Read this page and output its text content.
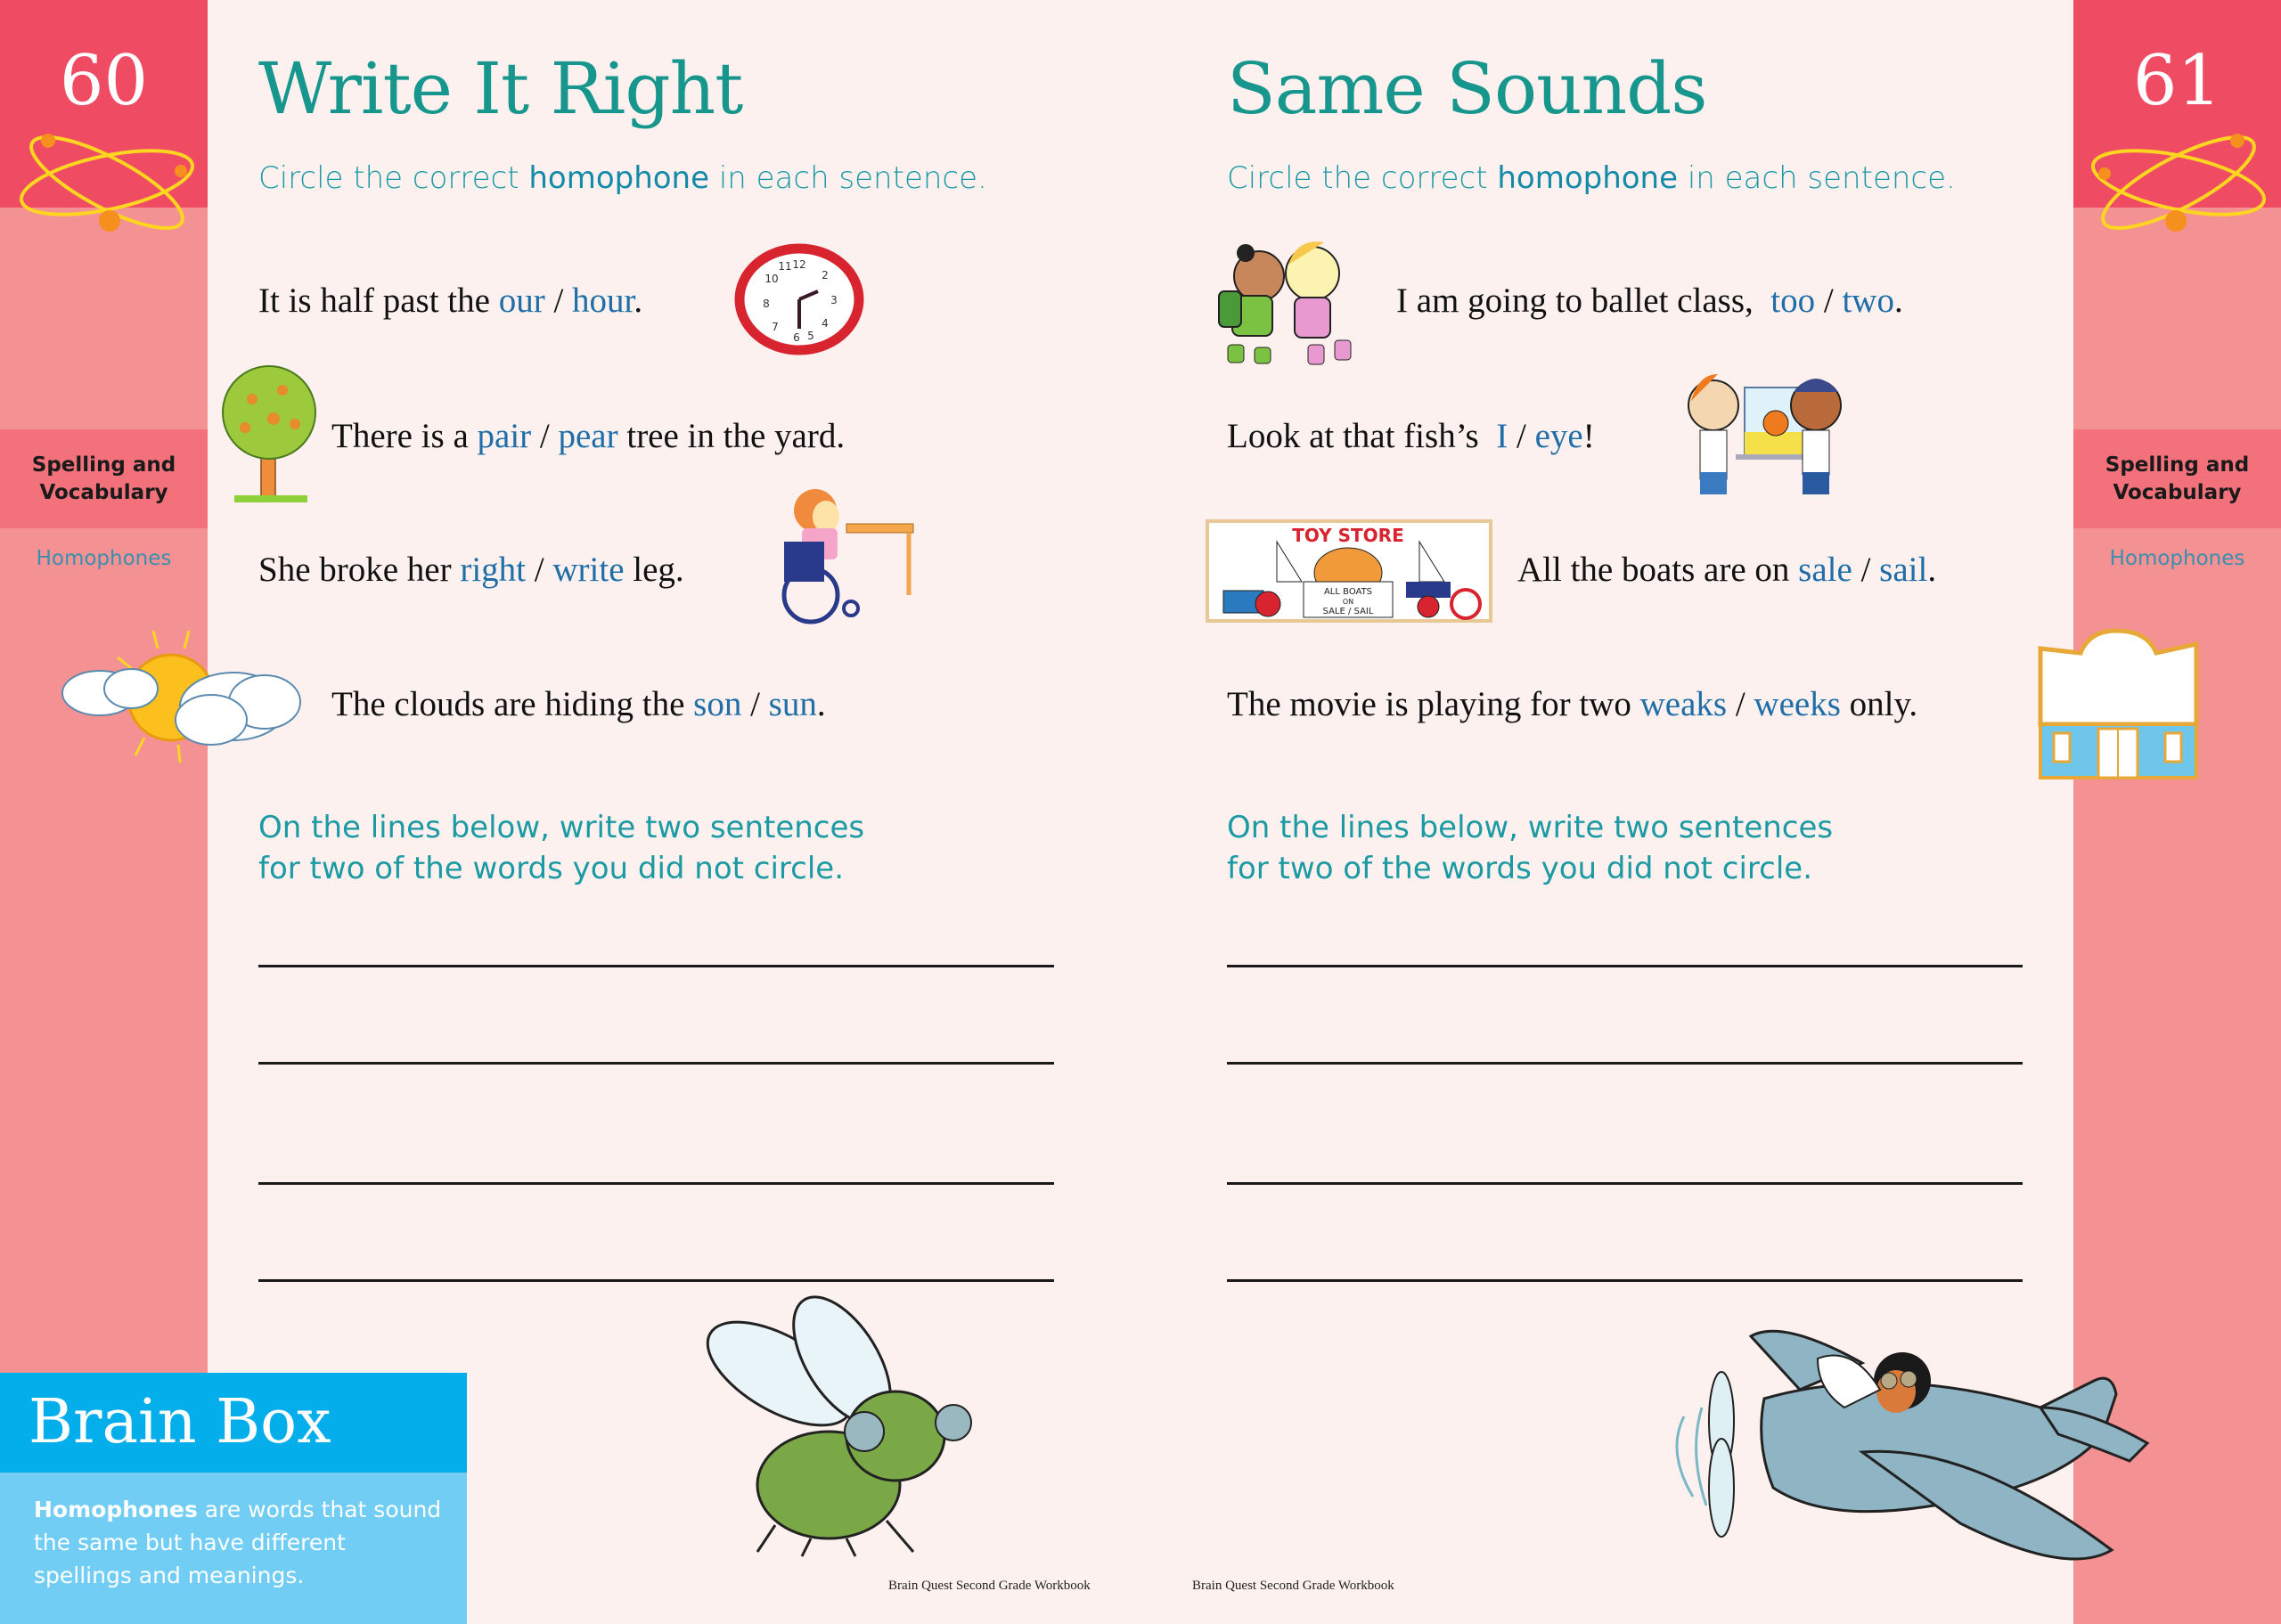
60
Spelling and
Vocabulary
Homophones
61
Spelling and
Vocabulary
Homophones
Write It Right
Circle the correct homophone in each sentence.
It is half past the our / hour.
There is a pair / pear tree in the yard.
She broke her right / write leg.
The clouds are hiding the son / sun.
12
2
3
4
5
6
7
8
10
11
On the lines below, write two sentences
for two of the words you did not circle.
Brain Quest Second Grade Workbook
Brain Box
Homophones are words that sound the same but have different spellings and meanings.
Same Sounds
Circle the correct homophone in each sentence.
I am going to ballet class,  too / two.
Look at that fish’s  I / eye!
All the boats are on sale / sail.
The movie is playing for two weaks / weeks only.
TOY STORE
ALL BOATS
ON
SALE / SAIL
On the lines below, write two sentences
for two of the words you did not circle.
Brain Quest Second Grade Workbook
